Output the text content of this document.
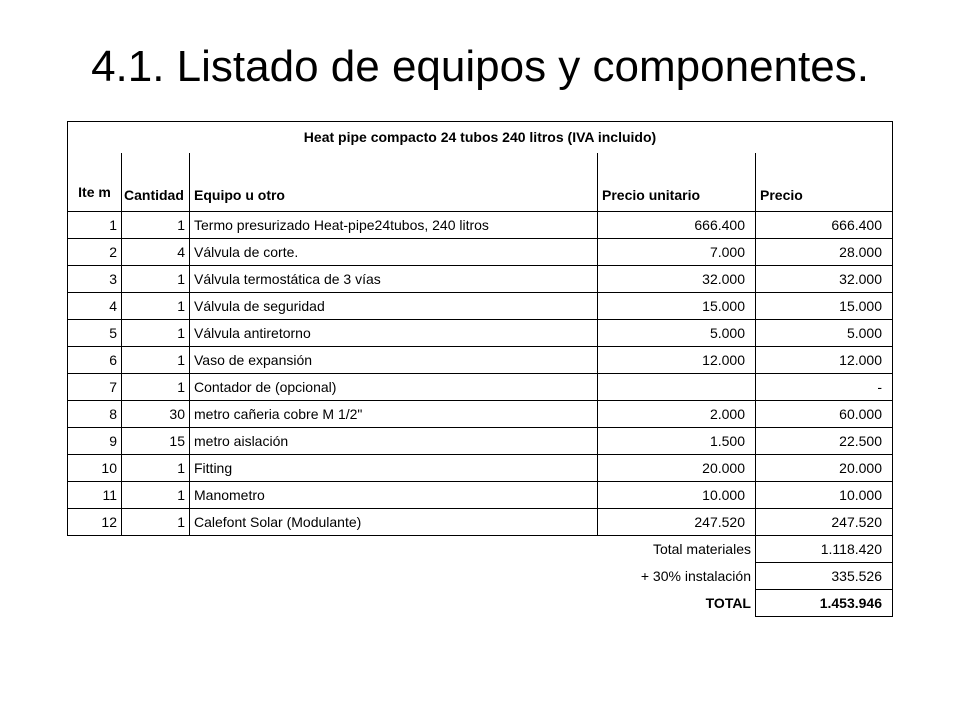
4.1. Listado de equipos y componentes.
Heat pipe compacto 24 tubos 240 litros (IVA incluido)				
Ite m	Cantidad	Equipo u otro	Precio unitario	Precio
1	1	Termo presurizado Heat-pipe24tubos, 240 litros	666.400	666.400
2	4	Válvula de corte.	7.000	28.000
3	1	Válvula termostática de 3 vías	32.000	32.000
4	1	Válvula de seguridad	15.000	15.000
5	1	Válvula antiretorno	5.000	5.000
6	1	Vaso de expansión	12.000	12.000
7	1	Contador de (opcional)		-
8	30	metro cañeria cobre M 1/2"	2.000	60.000
9	15	metro aislación	1.500	22.500
10	1	Fitting	20.000	20.000
11	1	Manometro	10.000	10.000
12	1	Calefont Solar (Modulante)	247.520	247.520
Total materiales				1.118.420
+ 30% instalación				335.526
TOTAL				1.453.946
